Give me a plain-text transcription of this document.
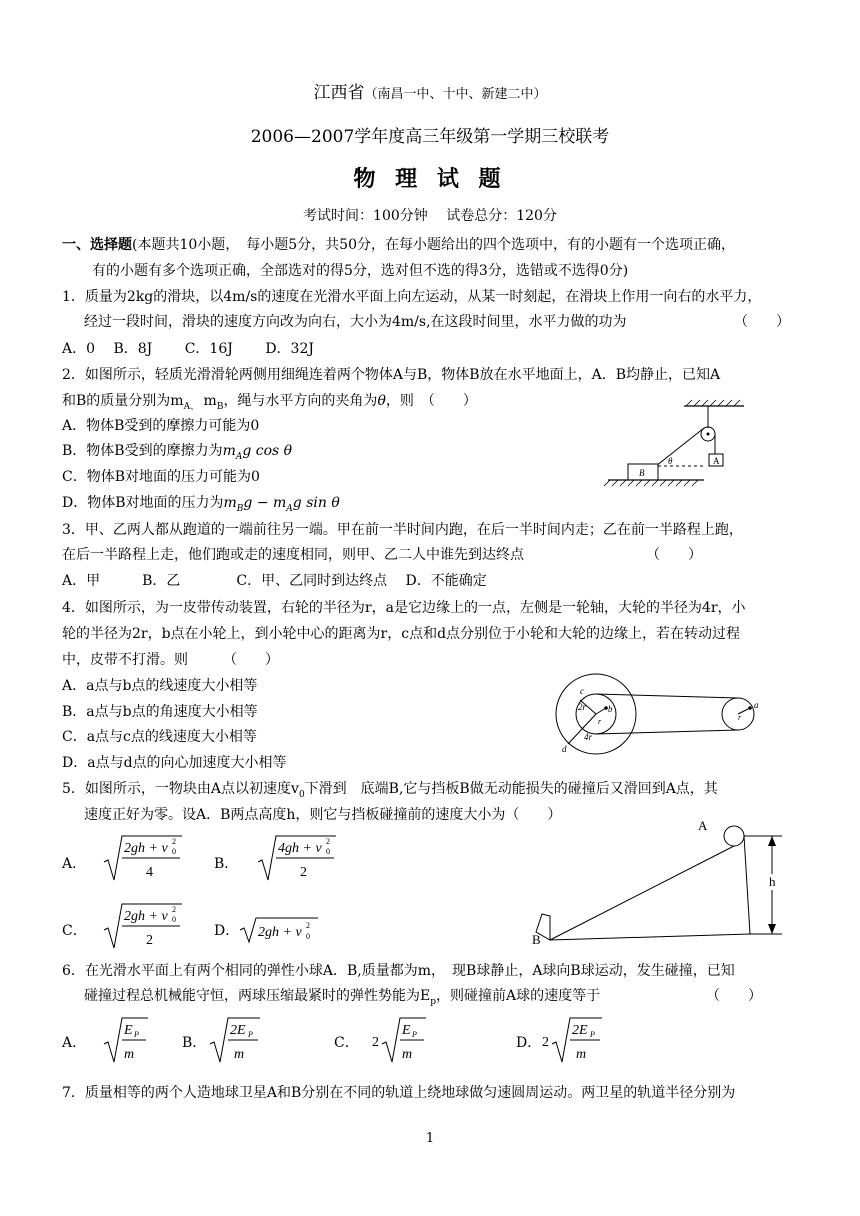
江西省（南昌一中、十中、新建二中）
2006—2007学年度高三年级第一学期三校联考
物 理 试 题
考试时间：100分钟　 试卷总分：120分
一、选择题(本题共10小题，　每小题5分，共50分，在每小题给出的四个选项中，有的小题有一个选项正确，
有的小题有多个选项正确，全部选对的得5分，选对但不选的得3分，选错或不选得0分)
1．质量为2kg的滑块，以4m/s的速度在光滑水平面上向左运动，从某一时刻起，在滑块上作用一向右的水平力，
经过一段时间，滑块的速度方向改为向右，大小为4m/s,在这段时间里，水平力做的功为	（　　）
A．0　 B．8J　　 C．16J　　 D．32J
2．如图所示，轻质光滑滑轮两侧用细绳连着两个物体A与B，物体B放在水平地面上，A．B均静止，已知A
和B的质量分别为$m_{A、}$ $m_B$，绳与水平方向的夹角为θ，则　（　　）
A．物体B受到的摩擦力可能为0
B．物体B受到的摩擦力为$m_Ag$ cos θ
C．物体B对地面的压力可能为0
D．物体B对地面的压力为$m_Bg - m_Ag$ sin θ
A
B
θ
3．甲、乙两人都从跑道的一端前往另一端。甲在前一半时间内跑，在后一半时间内走；乙在前一半路程上跑，
在后一半路程上走，他们跑或走的速度相同，则甲、乙二人中谁先到达终点	（　　）
A．甲　　　B．乙　　　　C．甲、乙同时到达终点　 D．不能确定
4．如图所示，为一皮带传动装置，右轮的半径为r，a是它边缘上的一点，左侧是一轮轴，大轮的半径为4r，小
轮的半径为2r，b点在小轮上，到小轮中心的距离为r，c点和d点分别位于小轮和大轮的边缘上，若在转动过程
中，皮带不打滑。则　　　（　　）
A．a点与b点的线速度大小相等
B．a点与b点的角速度大小相等
C．a点与c点的线速度大小相等
D．a点与d点的向心加速度大小相等
c
2r b
r
4r
d
a
r
5．如图所示，一物块由A点以初速度$v_0$下滑到　底端B,它与挡板B做无动能损失的碰撞后又滑回到A点，其
速度正好为零。设A．B两点高度h，则它与挡板碰撞前的速度大小为（　　）
A．
2gh + v 2
0
4
B．
4gh + v 2
0
2
C．
2gh + v 2
0
2
D． 2gh + v 2
0
A
B
h
6．在光滑水平面上有两个相同的弹性小球A．B,质量都为m，　现B球静止，A球向B球运动，发生碰撞，已知
碰撞过程总机械能守恒，两球压缩最紧时的弹性势能为$E_p$，则碰撞前A球的速度等于	（　　）
A．
E P
m
B．
2E P
m
C． 2
E P
m
D． 2
2E P
m
7．质量相等的两个人造地球卫星A和B分别在不同的轨道上绕地球做匀速圆周运动。两卫星的轨道半径分别为
1
